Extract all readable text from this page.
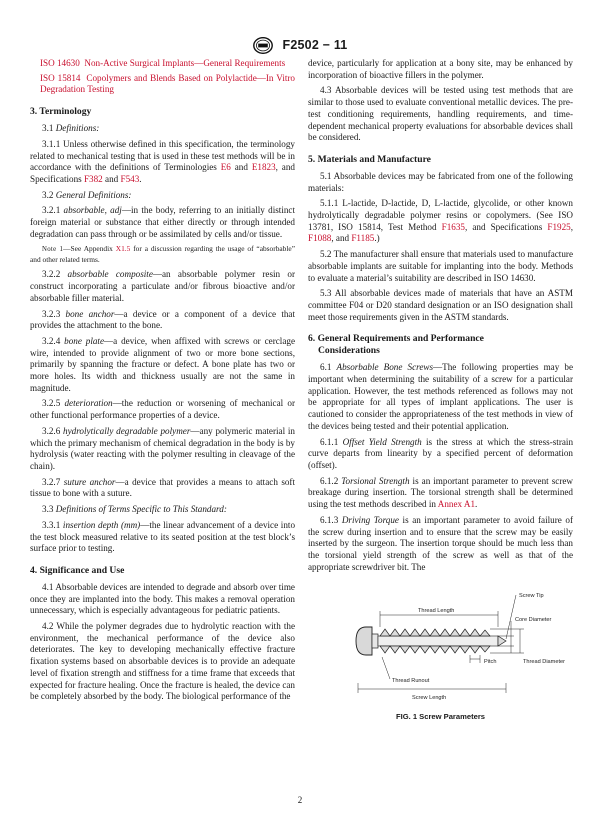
F2502 − 11

ISO 14630 Non-Active Surgical Implants—General Requirements

ISO 15814 Copolymers and Blends Based on Polylactide—In Vitro Degradation Testing

3. Terminology

3.1 Definitions:

3.1.1 Unless otherwise defined in this specification, the terminology related to mechanical testing that is used in these test methods will be in accordance with the definitions of Terminologies E6 and E1823, and Specifications F382 and F543.

3.2 General Definitions:

3.2.1 absorbable, adj—in the body, referring to an initially distinct foreign material or substance that either directly or through intended degradation can pass through or be assimilated by cells and/or tissue.

Note 1—See Appendix X1.5 for a discussion regarding the usage of “absorbable” and other related terms.

3.2.2 absorbable composite—an absorbable polymer resin or construct incorporating a particulate and/or fibrous bioactive and/or absorbable filler material.

3.2.3 bone anchor—a device or a component of a device that provides the attachment to the bone.

3.2.4 bone plate—a device, when affixed with screws or cerclage wire, intended to provide alignment of two or more bone sections, primarily by spanning the fracture or defect. A bone plate has two or more holes. Its width and thickness usually are not the same in magnitude.

3.2.5 deterioration—the reduction or worsening of mechanical or other functional performance properties of a device.

3.2.6 hydrolytically degradable polymer—any polymeric material in which the primary mechanism of chemical degradation in the body is by hydrolysis (water reacting with the polymer resulting in cleavage of the chain).

3.2.7 suture anchor—a device that provides a means to attach soft tissue to bone with a suture.

3.3 Definitions of Terms Specific to This Standard:

3.3.1 insertion depth (mm)—the linear advancement of a device into the test block measured relative to its seated position at the test block’s surface prior to testing.

4. Significance and Use

4.1 Absorbable devices are intended to degrade and absorb over time once they are implanted into the body. This makes a removal operation unnecessary, which is especially advantageous for pediatric patients.

4.2 While the polymer degrades due to hydrolytic reaction with the environment, the mechanical performance of the device also deteriorates. The key to developing mechanically effective fracture fixation systems based on absorbable devices is to provide an adequate level of fixation strength and stiffness for a time frame that exceeds that expected for fracture healing. Once the fracture is healed, the device can be completely absorbed by the body. The biological performance of the

device, particularly for application at a bony site, may be enhanced by incorporation of bioactive fillers in the polymer.

4.3 Absorbable devices will be tested using test methods that are similar to those used to evaluate conventional metallic devices. The pre-test conditioning requirements, handling requirements, and time-dependent mechanical property evaluations for absorbable devices shall be considered.

5. Materials and Manufacture

5.1 Absorbable devices may be fabricated from one of the following materials:

5.1.1 L-lactide, D-lactide, D, L-lactide, glycolide, or other known hydrolytically degradable polymer resins or copolymers. (See ISO 13781, ISO 15814, Test Method F1635, and Specifications F1925, F1088, and F1185.)

5.2 The manufacturer shall ensure that materials used to manufacture absorbable implants are suitable for implanting into the body. Methods to evaluate a material’s suitability are described in ISO 14630.

5.3 All absorbable devices made of materials that have an ASTM committee F04 or D20 standard designation or an ISO designation shall meet those requirements given in the ASTM standards.

6. General Requirements and Performance
Considerations

6.1 Absorbable Bone Screws—The following properties may be important when determining the suitability of a screw for a particular application. However, the test methods referenced as follows may not be appropriate for all types of implant applications. The user is cautioned to consider the appropriateness of the test methods in view of the devices being tested and their potential application.

6.1.1 Offset Yield Strength is the stress at which the stress-strain curve departs from linearity by a specified percent of deformation (offset).

6.1.2 Torsional Strength is an important parameter to prevent screw breakage during insertion. The torsional strength shall be determined using the test methods described in Annex A1.

6.1.3 Driving Torque is an important parameter to avoid failure of the screw during insertion and to ensure that the screw may be easily inserted by the surgeon. The insertion torque should be much less than the torsional yield strength of the screw as well as that of the appropriate screwdriver bit. The

Thread Length
Screw Tip
Core Diameter
Pitch	Thread Diameter
Thread Runout
Screw Length
FIG. 1 Screw Parameters
2
